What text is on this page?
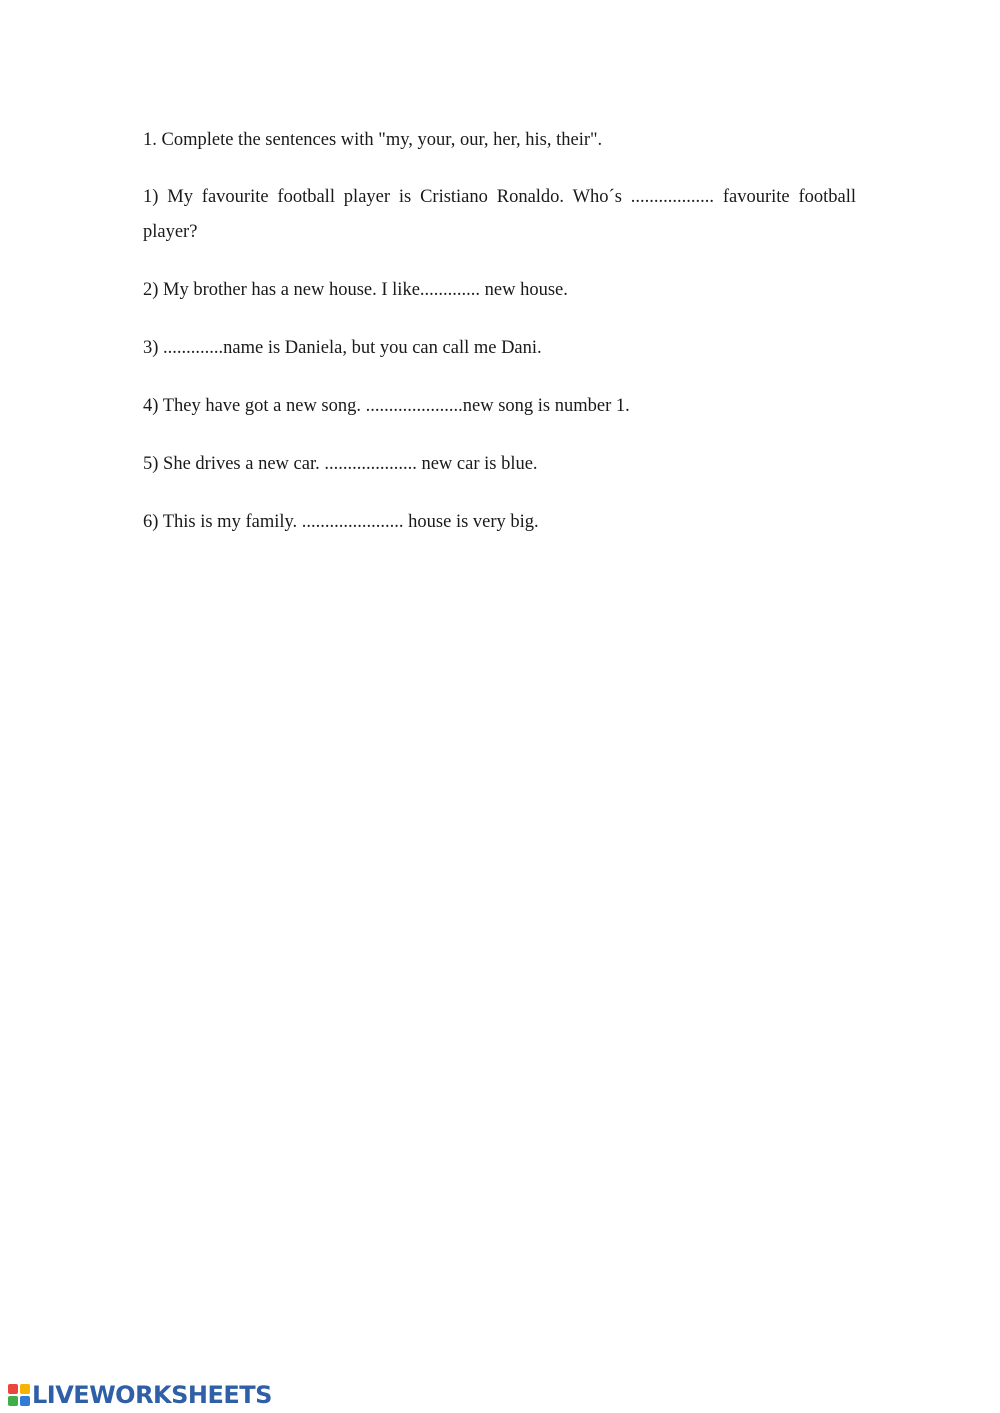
1. Complete the sentences with "my, your, our, her, his, their".

1) My favourite football player is Cristiano Ronaldo. Who´s .................. favourite football player?

2) My brother has a new house. I like............. new house.

3) .............name is Daniela, but you can call me Dani.

4) They have got a new song. .....................new song is number 1.

5) She drives a new car. .................... new car is blue.

6) This is my family. ...................... house is very big.

LIVEWORKSHEETS
